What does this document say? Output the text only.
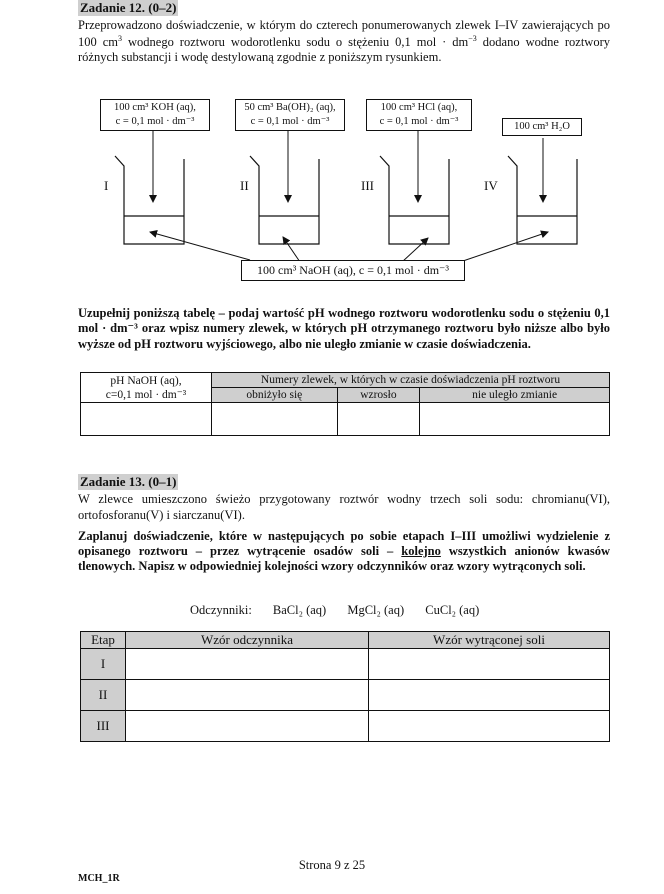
Zadanie 12. (0–2)
Przeprowadzono doświadczenie, w którym do czterech ponumerowanych zlewek I–IV zawierających po 100 $cm^3$ wodnego roztworu wodorotlenku sodu o stężeniu 0,1 mol · $dm^{-3}$ dodano wodne roztwory różnych substancji i wodę destylowaną zgodnie z poniższym rysunkiem.
100 cm³ KOH (aq),
c = 0,1 mol · dm⁻³
50 cm³ Ba(OH)₂ (aq),
c = 0,1 mol · dm⁻³
100 cm³ HCl (aq),
c = 0,1 mol · dm⁻³	100 cm³ H₂O
I	II	III	IV
100 cm³ NaOH (aq), c = 0,1 mol · dm⁻³
Uzupełnij poniższą tabelę – podaj wartość pH wodnego roztworu wodorotlenku sodu o stężeniu 0,1 mol · dm⁻³ oraz wpisz numery zlewek, w których pH otrzymanego roztworu było niższe albo było wyższe od pH roztworu wyjściowego, albo nie uległo zmianie w czasie doświadczenia.
pH NaOH (aq),
c=0,1 mol · dm⁻³	Numery zlewek, w których w czasie doświadczenia pH roztworu		
	obniżyło się	wzrosło	nie uległo zmianie

Zadanie 13. (0–1)
W zlewce umieszczono świeżo przygotowany roztwór wodny trzech soli sodu: chromianu(VI), ortofosforanu(V) i siarczanu(VI).
Zaplanuj doświadczenie, które w następujących po sobie etapach I–III umożliwi wydzielenie z opisanego roztworu – przez wytrącenie osadów soli – kolejno wszystkich anionów kwasów tlenowych. Napisz w odpowiedniej kolejności wzory odczynników oraz wzory wytrąconych soli.
Odczynniki: BaCl₂ (aq) MgCl₂ (aq) CuCl₂ (aq)
Etap	Wzór odczynnika	Wzór wytrąconej soli
I		
II		
III		
Strona 9 z 25
MCH_1R
